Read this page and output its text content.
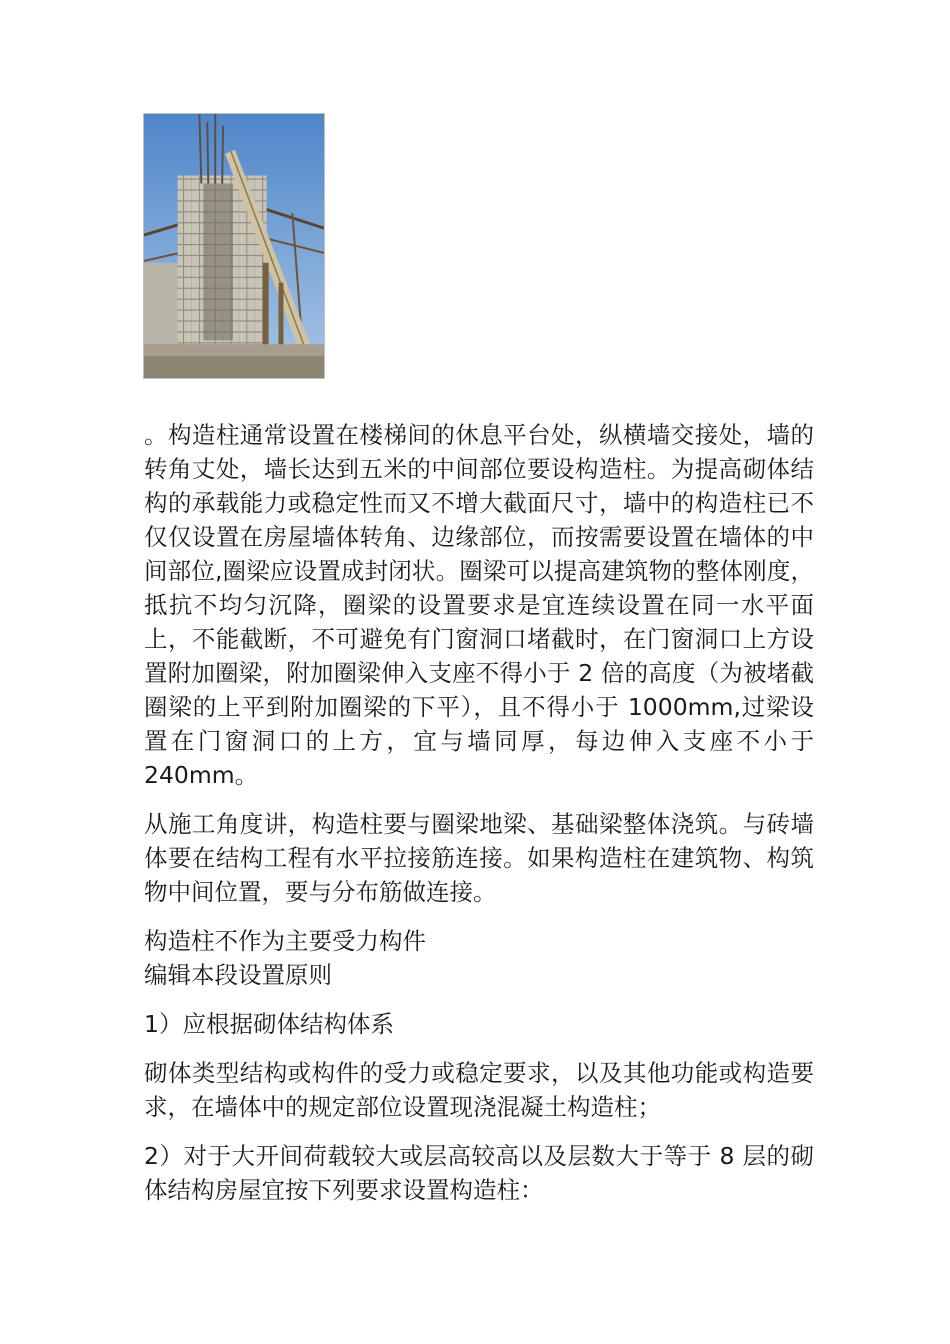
。构造柱通常设置在楼梯间的休息平台处，纵横墙交接处，墙的转角丈处，墙长达到五米的中间部位要设构造柱。为提高砌体结构的承载能力或稳定性而又不增大截面尺寸，墙中的构造柱已不仅仅设置在房屋墙体转角、边缘部位，而按需要设置在墙体的中间部位,圈梁应设置成封闭状。圈梁可以提高建筑物的整体刚度，抵抗不均匀沉降，圈梁的设置要求是宜连续设置在同一水平面上，不能截断，不可避免有门窗洞口堵截时，在门窗洞口上方设置附加圈梁，附加圈梁伸入支座不得小于 2 倍的高度（为被堵截圈梁的上平到附加圈梁的下平），且不得小于 1000mm,过梁设置在门窗洞口的上方，宜与墙同厚，每边伸入支座不小于 240mm。

从施工角度讲，构造柱要与圈梁地梁、基础梁整体浇筑。与砖墙体要在结构工程有水平拉接筋连接。如果构造柱在建筑物、构筑物中间位置，要与分布筋做连接。

构造柱不作为主要受力构件

编辑本段设置原则

1）应根据砌体结构体系

砌体类型结构或构件的受力或稳定要求，以及其他功能或构造要求，在墙体中的规定部位设置现浇混凝土构造柱；

2）对于大开间荷载较大或层高较高以及层数大于等于 8 层的砌体结构房屋宜按下列要求设置构造柱：
